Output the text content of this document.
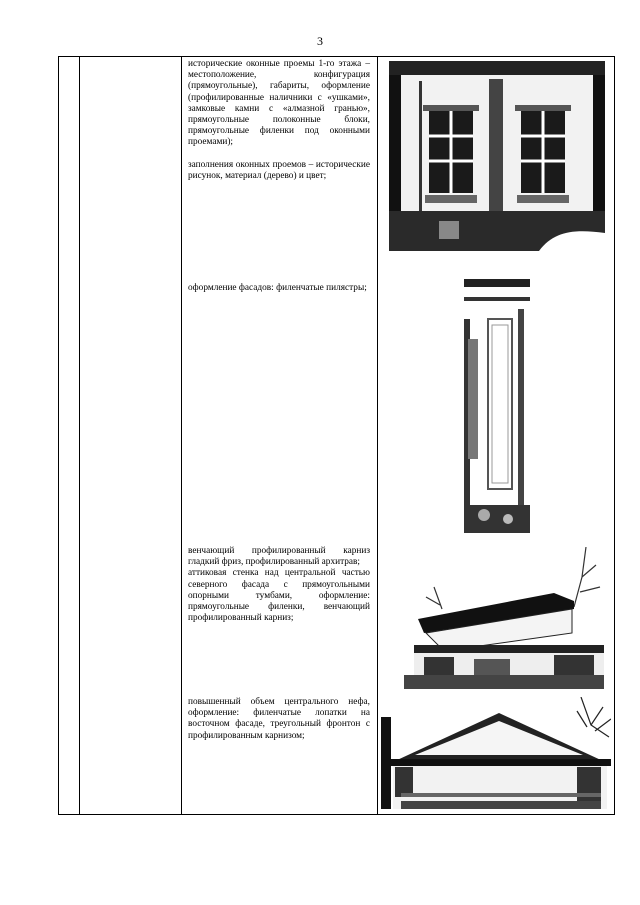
3

исторические оконные проемы 1-го этажа – местоположение, конфигурация (прямоугольные), габариты, оформление (профилированные наличники с «ушками», замковые камни с «алмазной гранью», прямоугольные полоконные блоки, прямоугольные филенки под оконными проемами);

заполнения оконных проемов – исторические рисунок, материал (дерево) и цвет;

оформление фасадов: филенчатые пилястры;

венчающий профилированный карниз гладкий фриз, профилированный архитрав;

аттиковая стенка над центральной частью северного фасада с прямоугольными опорными тумбами, оформление: прямоугольные филенки, венчающий профилированный карниз;

повышенный объем центрального нефа, оформление: филенчатые лопатки на восточном фасаде, треугольный фронтон с профилированным карнизом;
